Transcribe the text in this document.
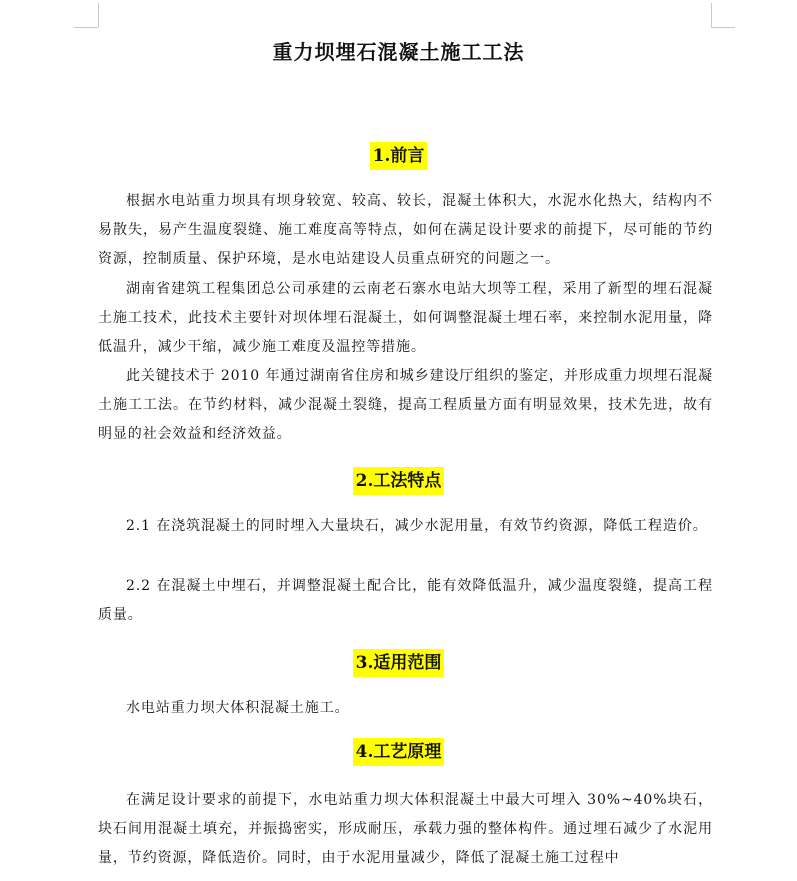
重力坝埋石混凝土施工工法
1.前言

根据水电站重力坝具有坝身较宽、较高、较长，混凝土体积大，水泥水化热大，结构内不易散失，易产生温度裂缝、施工难度高等特点，如何在满足设计要求的前提下，尽可能的节约资源，控制质量、保护环境，是水电站建设人员重点研究的问题之一。

湖南省建筑工程集团总公司承建的云南老石寨水电站大坝等工程，采用了新型的埋石混凝土施工技术，此技术主要针对坝体埋石混凝土，如何调整混凝土埋石率，来控制水泥用量，降低温升，减少干缩，减少施工难度及温控等措施。

此关键技术于 2010 年通过湖南省住房和城乡建设厅组织的鉴定，并形成重力坝埋石混凝土施工工法。在节约材料，减少混凝土裂缝，提高工程质量方面有明显效果，技术先进，故有明显的社会效益和经济效益。

2.工法特点

2.1 在浇筑混凝土的同时埋入大量块石，减少水泥用量，有效节约资源，降低工程造价。

2.2 在混凝土中埋石，并调整混凝土配合比，能有效降低温升，减少温度裂缝，提高工程质量。

3.适用范围

水电站重力坝大体积混凝土施工。

4.工艺原理

在满足设计要求的前提下，水电站重力坝大体积混凝土中最大可埋入 30%~40%块石，块石间用混凝土填充，并振捣密实，形成耐压，承载力强的整体构件。通过埋石减少了水泥用量，节约资源，降低造价。同时，由于水泥用量减少，降低了混凝土施工过程中
